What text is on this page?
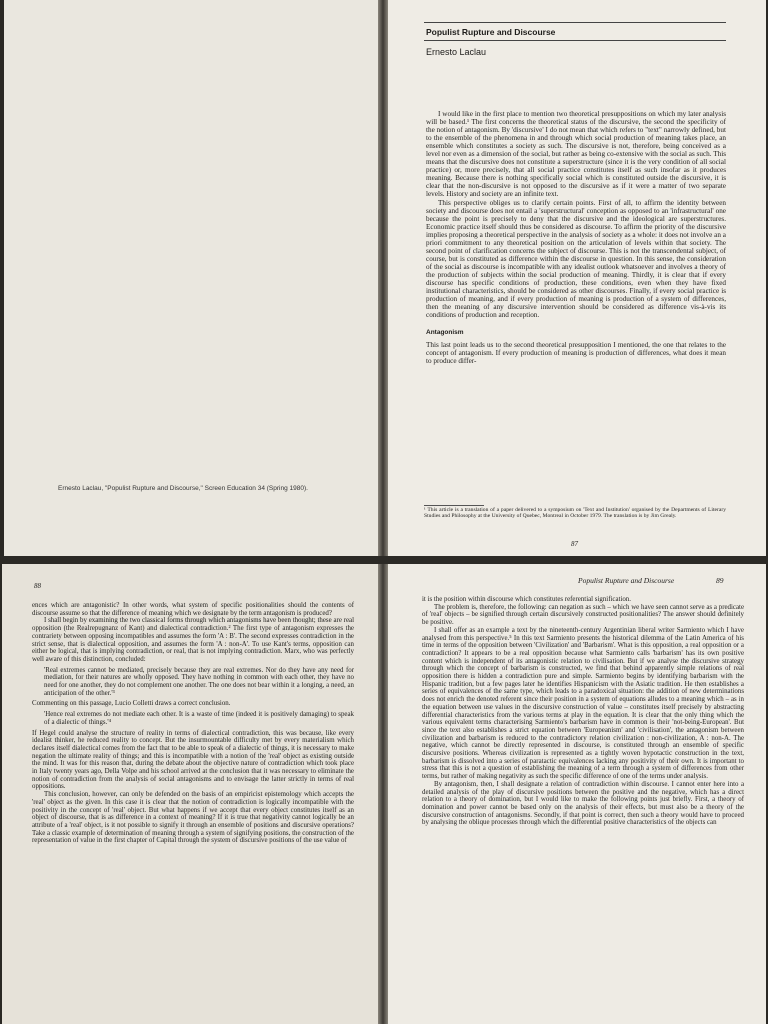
Ernesto Laclau, "Populist Rupture and Discourse," Screen Education 34 (Spring 1980).
Populist Rupture and Discourse
Ernesto Laclau

I would like in the first place to mention two theoretical presuppositions on which my later analysis will be based.¹ The first concerns the theoretical status of the discursive, the second the specificity of the notion of antagonism. By 'discursive' I do not mean that which refers to "text" narrowly defined, but to the ensemble of the phenomena in and through which social production of meaning takes place, an ensemble which constitutes a society as such. The discursive is not, therefore, being conceived as a level nor even as a dimension of the social, but rather as being co-extensive with the social as such. This means that the discursive does not constitute a superstructure (since it is the very condition of all social practice) or, more precisely, that all social practice constitutes itself as such insofar as it produces meaning. Because there is nothing specifically social which is constituted outside the discursive, it is clear that the non-discursive is not opposed to the discursive as if it were a matter of two separate levels. History and society are an infinite text.

This perspective obliges us to clarify certain points. First of all, to affirm the identity between society and discourse does not entail a 'superstructural' conception as opposed to an 'infrastructural' one because the point is precisely to deny that the discursive and the ideological are superstructures. Economic practice itself should thus be considered as discourse. To affirm the priority of the discursive implies proposing a theoretical perspective in the analysis of society as a whole: it does not involve an a priori commitment to any theoretical position on the articulation of levels within that society. The second point of clarification concerns the subject of discourse. This is not the transcendental subject, of course, but is constituted as difference within the discourse in question. In this sense, the consideration of the social as discourse is incompatible with any idealist outlook whatsoever and involves a theory of the production of subjects within the social production of meaning. Thirdly, it is clear that if every discourse has specific conditions of production, these conditions, even when they have fixed institutional characteristics, should be considered as other discourses. Finally, if every social practice is production of meaning, and if every production of meaning is production of a system of differences, then the meaning of any discursive intervention should be considered as difference vis-à-vis its conditions of production and reception.

Antagonism

This last point leads us to the second theoretical presupposition I mentioned, the one that relates to the concept of antagonism. If every production of meaning is production of differences, what does it mean to produce differ-

¹ This article is a translation of a paper delivered to a symposium on 'Text and Institution' organised by the Departments of Literary Studies and Philosophy at the University of Quebec, Montreal in October 1979. The translation is by Jim Grealy.
87
88

ences which are antagonistic? In other words, what system of specific positionalities should the contents of discourse assume so that the difference of meaning which we designate by the term antagonism is produced?

I shall begin by examining the two classical forms through which antagonisms have been thought; these are real opposition (the Realrepugnanz of Kant) and dialectical contradiction.² The first type of antagonism expresses the contrariety between opposing incompatibles and assumes the form 'A : B'. The second expresses contradiction in the strict sense, that is dialectical opposition, and assumes the form 'A : non-A'. To use Kant's terms, opposition can either be logical, that is implying contradiction, or real, that is not implying contradiction. Marx, who was perfectly well aware of this distinction, concluded:

'Real extremes cannot be mediated, precisely because they are real extremes. Nor do they have any need for mediation, for their natures are wholly opposed. They have nothing in common with each other, they have no need for one another, they do not complement one another. The one does not bear within it a longing, a need, an anticipation of the other.'³

Commenting on this passage, Lucio Colletti draws a correct conclusion.

'Hence real extremes do not mediate each other. It is a waste of time (indeed it is positively damaging) to speak of a dialectic of things.'⁴

If Hegel could analyse the structure of reality in terms of dialectical contradiction, this was because, like every idealist thinker, he reduced reality to concept. But the insurmountable difficulty met by every materialism which declares itself dialectical comes from the fact that to be able to speak of a dialectic of things, it is necessary to make negation the ultimate reality of things; and this is incompatible with a notion of the 'real' object as existing outside the mind. It was for this reason that, during the debate about the objective nature of contradiction which took place in Italy twenty years ago, Della Volpe and his school arrived at the conclusion that it was necessary to eliminate the notion of contradiction from the analysis of social antagonisms and to envisage the latter strictly in terms of real oppositions.

This conclusion, however, can only be defended on the basis of an empiricist epistemology which accepts the 'real' object as the given. In this case it is clear that the notion of contradiction is logically incompatible with the positivity in the concept of 'real' object. But what happens if we accept that every object constitutes itself as an object of discourse, that is as difference in a context of meaning? If it is true that negativity cannot logically be an attribute of a 'real' object, is it not possible to signify it through an ensemble of positions and discursive operations? Take a classic example of determination of meaning through a system of signifying positions, the construction of the representation of value in the first chapter of Capital through the system of discursive positions of the use value of

Populist Rupture and Discourse	89

it is the position within discourse which constitutes referential signification.

The problem is, therefore, the following: can negation as such – which we have seen cannot serve as a predicate of 'real' objects – be signified through certain discursively constructed positionalities? The answer should definitely be positive.

I shall offer as an example a text by the nineteenth-century Argentinian liberal writer Sarmiento which I have analysed from this perspective.⁵ In this text Sarmiento presents the historical dilemma of the Latin America of his time in terms of the opposition between 'Civilization' and 'Barbarism'. What is this opposition, a real opposition or a contradiction? It appears to be a real opposition because what Sarmiento calls 'barbarism' has its own positive content which is independent of its antagonistic relation to civilisation. But if we analyse the discursive strategy through which the concept of barbarism is constructed, we find that behind apparently simple relations of real opposition there is hidden a contradiction pure and simple. Sarmiento begins by identifying barbarism with the Hispanic tradition, but a few pages later he identifies Hispanicism with the Asiatic tradition. He then establishes a series of equivalences of the same type, which leads to a paradoxical situation: the addition of new determinations does not enrich the denoted referent since their position in a system of equations alludes to a meaning which – as in the equation between use values in the discursive construction of value – constitutes itself precisely by abstracting differential characteristics from the various terms at play in the equation. It is clear that the only thing which the various equivalent terms characterising Sarmiento's barbarism have in common is their 'not-being-European'. But since the text also establishes a strict equation between 'Europeanism' and 'civilisation', the antagonism between civilization and barbarism is reduced to the contradictory relation civilization : non-civilization, A : non-A. The negative, which cannot be directly represented in discourse, is constituted through an ensemble of specific discursive positions. Whereas civilization is represented as a tightly woven hypotactic construction in the text, barbarism is dissolved into a series of paratactic equivalences lacking any positivity of their own. It is important to stress that this is not a question of establishing the meaning of a term through a system of differences from other terms, but rather of making negativity as such the specific difference of one of the terms under analysis.

By antagonism, then, I shall designate a relation of contradiction within discourse. I cannot enter here into a detailed analysis of the play of discursive positions between the positive and the negative, which has a direct relation to a theory of domination, but I would like to make the following points just briefly. First, a theory of domination and power cannot be based only on the analysis of their effects, but must also be a theory of the discursive construction of antagonisms. Secondly, if that point is correct, then such a theory would have to proceed by analysing the oblique processes through which the differential positive characteristics of the objects can
